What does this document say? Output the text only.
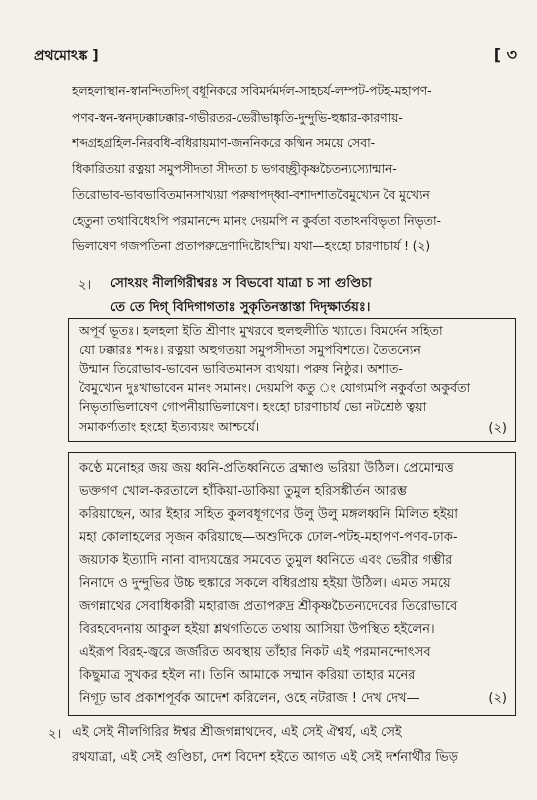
প্রথমোঽঙ্ক ]	[ ৩
হলহলাস্থান-স্বানন্দিতদিগ্ বধূনিকরে সবিমর্দমর্দল-সাহচর্য-লম্পট-পটহ-মহাপণ-
পণব-স্বন-স্বনদ্ঢক্কাঢক্কার-গভীরতর-ভেরীভাঙ্কৃতি-দুন্দুভি-হুঙ্কার-কারণায়-
শব্দগ্রহগ্রহিল-নিরবধি-বধিরায়মাণ-জননিকরে কষ্মিন সময়ে সেবা-
ধিকারিতয়া রত্নয়া সমুপসীদতা সীদতা চ ভগবচ্ছ্রীকৃষ্ণচৈতন্যস্যোন্মান-
তিরোভাব-ভাবভাবিতমানসাখ্যয়া পরুষাপদ্ধ্বা-বশাদশাতবৈমুখ্যেন বৈ মুখ্যেন
হেতুনা তথাবিধেঽপি পরমানন্দে মানং দেয়মপি ন কুর্বতা বতাঽনবিভৃতা নিভৃতা-
ভিলাষেণ গজপতিনা প্রতাপরুদ্রেণাদিষ্টোঽস্মি। যথা—হংহো চারণাচার্য ! (২)
২। সোঽয়ং নীলগিরীশ্বরঃ স বিভবো যাত্রা চ সা গুণ্ডিচা
তে তে দিগ্ বিদিগাগতাঃ সুকৃতিনস্তাস্তা দিদৃক্ষার্তয়ঃ।
অপূর্ব ভূতঃ। হলহলা ইতি শ্রীণাং মুখরবে হুলহুলীতি খ্যাতে। বিমর্দেন সহিতা
যো ঢক্কারঃ শব্দঃ। রত্নয়া অহুগতয়া সমুপসীদতা সমুপবিশতে। তৈতন্যেন
উন্মান তিরোভাব-ভাবেন ভাবিতমানস ব্যথয়া। পরুষ নিষ্ঠুর। অশাত-
বৈমুখ্যেন দুঃখাভাবেন মানং সমানং। দেয়মপি কতু ং যোগ্যমপি নকুর্বতা অকুর্বতা
নিভৃতাভিলাষেণ গোপনীয়াভিলাষেণ। হংহো চারণাচার্য ভো নটশ্রেষ্ঠ ত্বয়া
সমাকর্ণ্যতাং হংহো ইত্যব্যয়ং আশ্চর্যে।	(২)
কণ্ঠে মনোহর জয় জয় ধ্বনি-প্রতিধ্বনিতে ব্রহ্মাণ্ড ভরিয়া উঠিল। প্রেমোন্মত্ত
ভক্তগণ খোল-করতালে হাঁকিয়া-ডাকিয়া তুমুল হরিসঙ্কীর্তন আরম্ভ
করিয়াছেন, আর ইহার সহিত কুলবধূগণের উলু উলু মঙ্গলধ্বনি মিলিত হইয়া
মহা কোলাহলের সৃজন করিয়াছে—অশুদিকে ঢোল-পটহ-মহাপণ-পণব-ঢাক-
জয়ঢাক ইত্যাদি নানা বাদ্যযন্ত্রের সমবেত তুমুল ধ্বনিতে এবং ভেরীর গম্ভীর
নিনাদে ও দুন্দুভির উচ্চ হুঙ্কারে সকলে বধিরপ্রায় হইয়া উঠিল। এমত সময়ে
জগন্নাথের সেবাধিকারী মহারাজ প্রতাপরুদ্র শ্রীকৃষ্ণচৈতন্যদেবের তিরোভাবে
বিরহবেদনায় আকুল হইয়া শ্লথগতিতে তথায় আসিয়া উপস্থিত হইলেন।
এইরূপ বিরহ-জ্বরে জর্জরিত অবস্থায় তাঁহার নিকট এই পরমানন্দোৎসব
কিছুমাত্র সুখকর হইল না। তিনি আমাকে সম্মান করিয়া তাহার মনের
নিগূঢ় ভাব প্রকাশপূর্বক আদেশ করিলেন, ওহে নটরাজ ! দেখ দেখ—	(২)
২। এই সেই নীলগিরির ঈশ্বর শ্রীজগন্নাথদেব, এই সেই ঐশ্বর্য, এই সেই
রথযাত্রা, এই সেই গুণ্ডিচা, দেশ বিদেশ হইতে আগত এই সেই দর্শনার্থীর ভিড়
